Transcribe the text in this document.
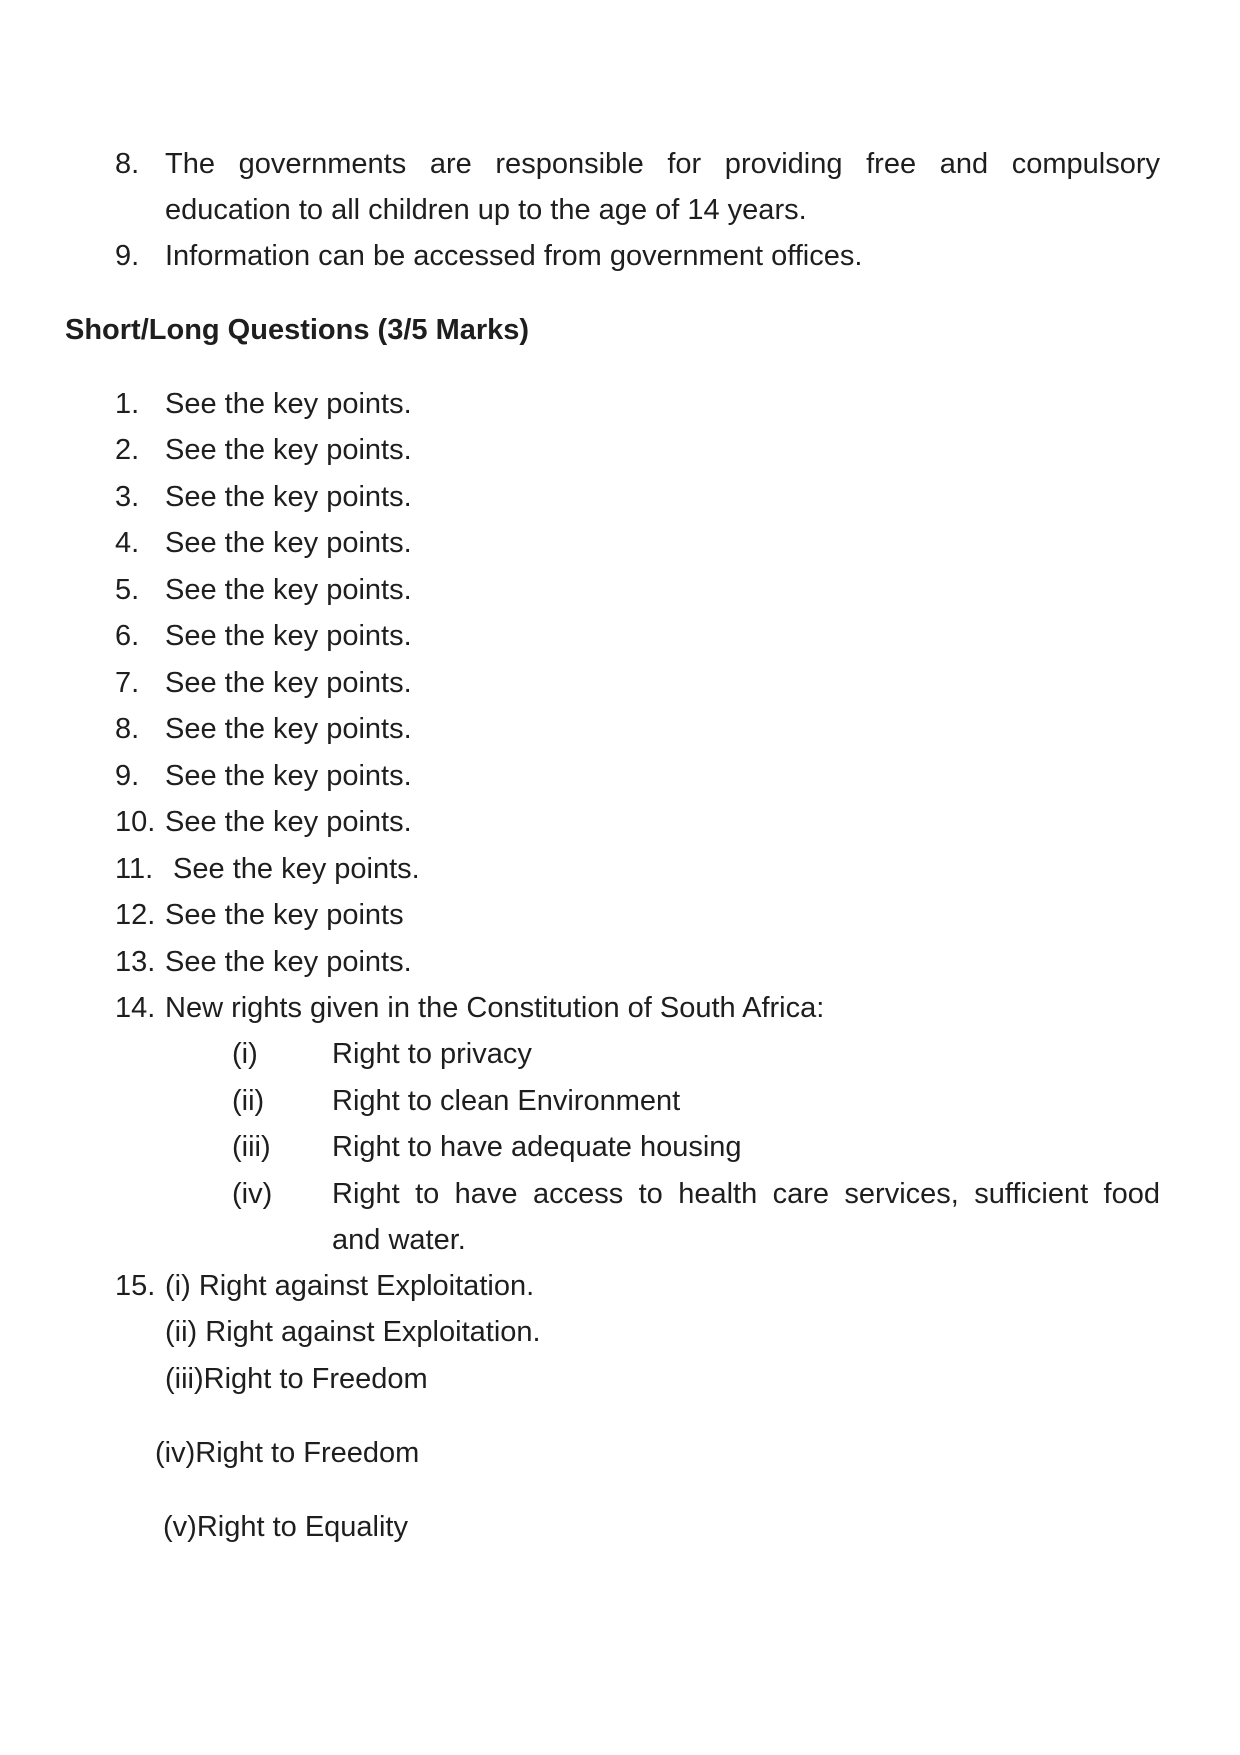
8. The governments are responsible for providing free and compulsory
education to all children up to the age of 14 years.
9. Information can be accessed from government offices.
Short/Long Questions (3/5 Marks)
1. See the key points.
2. See the key points.
3. See the key points.
4. See the key points.
5. See the key points.
6. See the key points.
7. See the key points.
8. See the key points.
9. See the key points.
10. See the key points.
11. See the key points.
12. See the key points
13. See the key points.
14. New rights given in the Constitution of South Africa:
(i)	Right to privacy
(ii) Right to clean Environment
(iii) Right to have adequate housing
(iv) Right to have access to health care services, sufficient food
and water.
15. (i) Right against Exploitation.
(ii) Right against Exploitation.
(iii)Right to Freedom
(iv)Right to Freedom
(v)Right to Equality
